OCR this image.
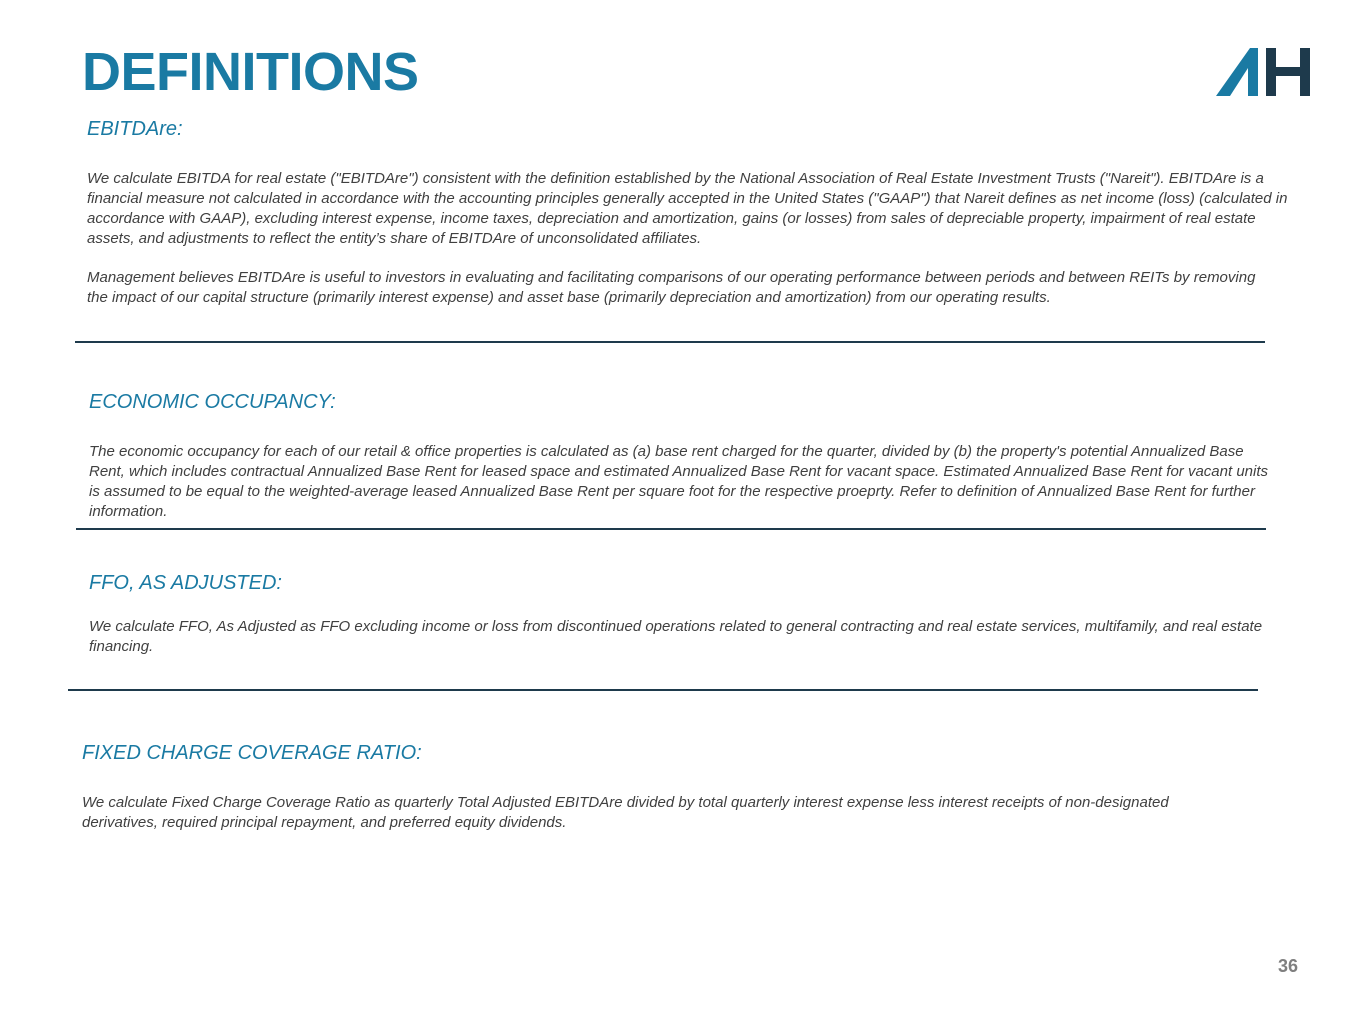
DEFINITIONS
EBITDAre:

We calculate EBITDA for real estate ("EBITDAre") consistent with the definition established by the National Association of Real Estate Investment Trusts ("Nareit"). EBITDAre is a financial measure not calculated in accordance with the accounting principles generally accepted in the United States ("GAAP") that Nareit defines as net income (loss) (calculated in accordance with GAAP), excluding interest expense, income taxes, depreciation and amortization, gains (or losses) from sales of depreciable property, impairment of real estate assets, and adjustments to reflect the entity’s share of EBITDAre of unconsolidated affiliates.

Management believes EBITDAre is useful to investors in evaluating and facilitating comparisons of our operating performance between periods and between REITs by removing the impact of our capital structure (primarily interest expense) and asset base (primarily depreciation and amortization) from our operating results.

ECONOMIC OCCUPANCY:

The economic occupancy for each of our retail & office properties is calculated as (a) base rent charged for the quarter, divided by (b) the property's potential Annualized Base Rent, which includes contractual Annualized Base Rent for leased space and estimated Annualized Base Rent for vacant space. Estimated Annualized Base Rent for vacant units is assumed to be equal to the weighted-average leased Annualized Base Rent per square foot for the respective proeprty. Refer to definition of Annualized Base Rent for further information.

FFO, AS ADJUSTED:

We calculate FFO, As Adjusted as FFO excluding income or loss from discontinued operations related to general contracting and real estate services, multifamily, and real estate financing.

FIXED CHARGE COVERAGE RATIO:

We calculate Fixed Charge Coverage Ratio as quarterly Total Adjusted EBITDAre divided by total quarterly interest expense less interest receipts of non-designated derivatives, required principal repayment, and preferred equity dividends.

36
